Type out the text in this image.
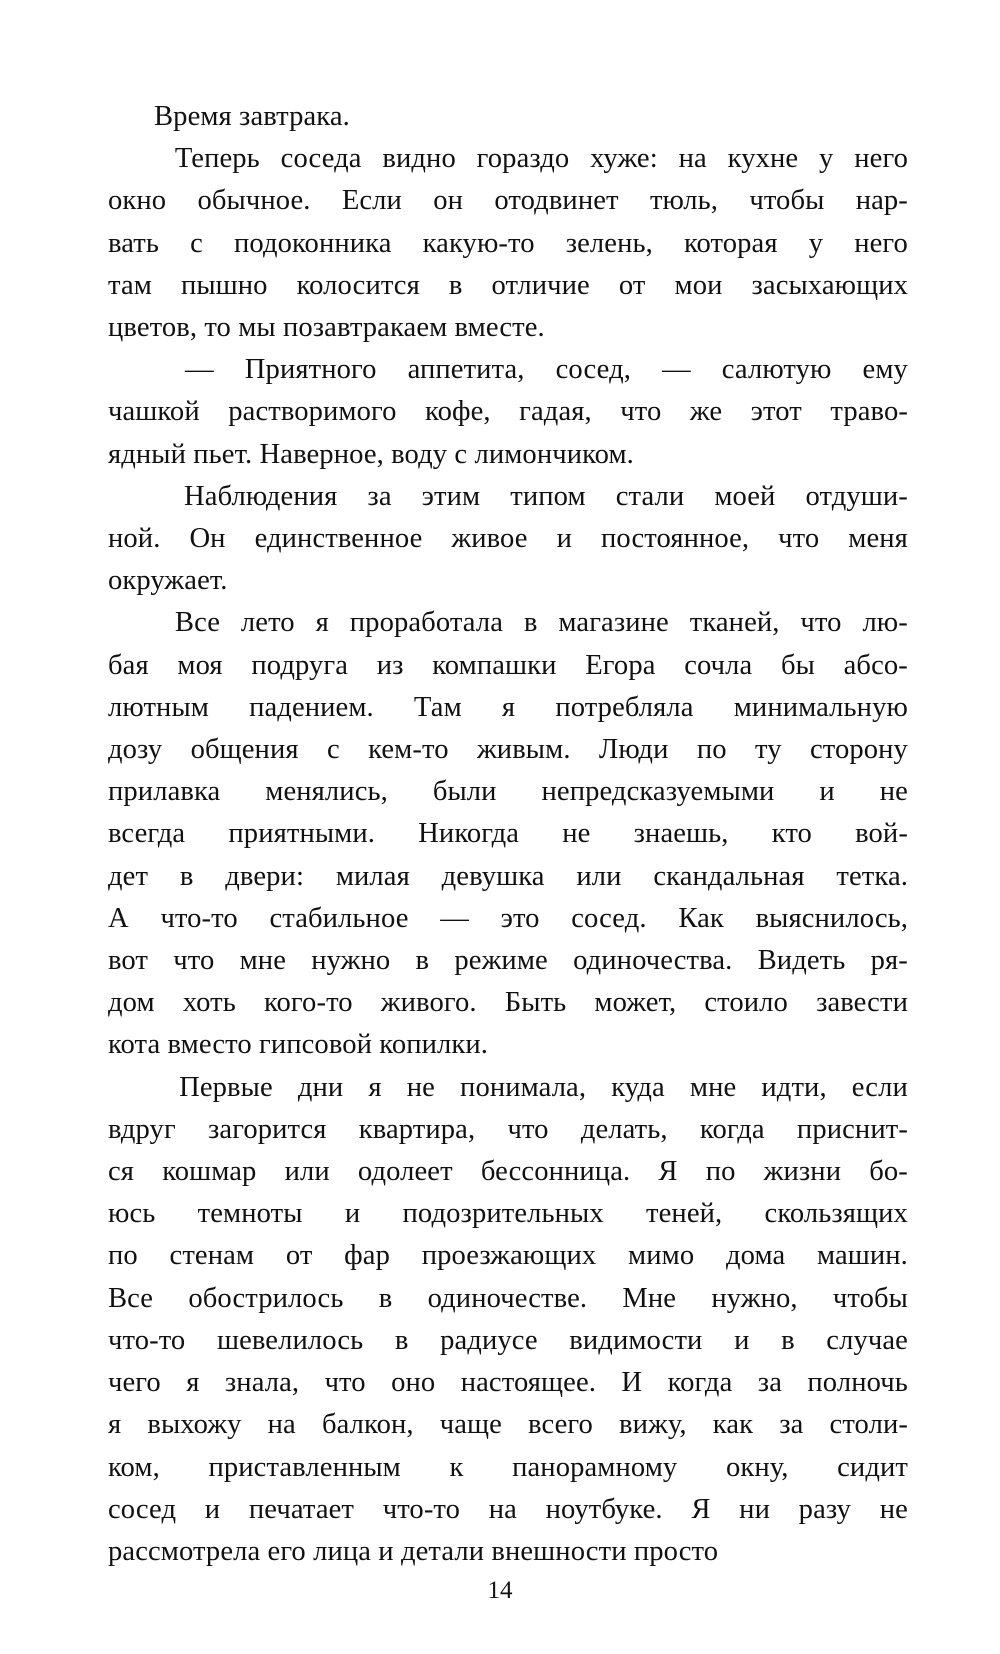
Время завтрака.

Теперь соседа видно гораздо хуже: на кухне у него
окно обычное. Если он отодвинет тюль, чтобы нар-
вать с подоконника какую-то зелень, которая у него
там пышно колосится в отличие от мои засыхающих
цветов, то мы позавтракаем вместе.

— Приятного аппетита, сосед, — салютую ему
чашкой растворимого кофе, гадая, что же этот траво-
ядный пьет. Наверное, воду с лимончиком.

Наблюдения за этим типом стали моей отдуши-
ной. Он единственное живое и постоянное, что меня
окружает.

Все лето я проработала в магазине тканей, что лю-
бая моя подруга из компашки Егора сочла бы абсо-
лютным падением. Там я потребляла минимальную
дозу общения с кем-то живым. Люди по ту сторону
прилавка менялись, были непредсказуемыми и не
всегда приятными. Никогда не знаешь, кто вой-
дет в двери: милая девушка или скандальная тетка.
А что-то стабильное — это сосед. Как выяснилось,
вот что мне нужно в режиме одиночества. Видеть ря-
дом хоть кого-то живого. Быть может, стоило завести
кота вместо гипсовой копилки.

Первые дни я не понимала, куда мне идти, если
вдруг загорится квартира, что делать, когда приснит-
ся кошмар или одолеет бессонница. Я по жизни бо-
юсь темноты и подозрительных теней, скользящих
по стенам от фар проезжающих мимо дома машин.
Все обострилось в одиночестве. Мне нужно, чтобы
что-то шевелилось в радиусе видимости и в случае
чего я знала, что оно настоящее. И когда за полночь
я выхожу на балкон, чаще всего вижу, как за столи-
ком, приставленным к панорамному окну, сидит
сосед и печатает что-то на ноутбуке. Я ни разу не
рассмотрела его лица и детали внешности просто

14
